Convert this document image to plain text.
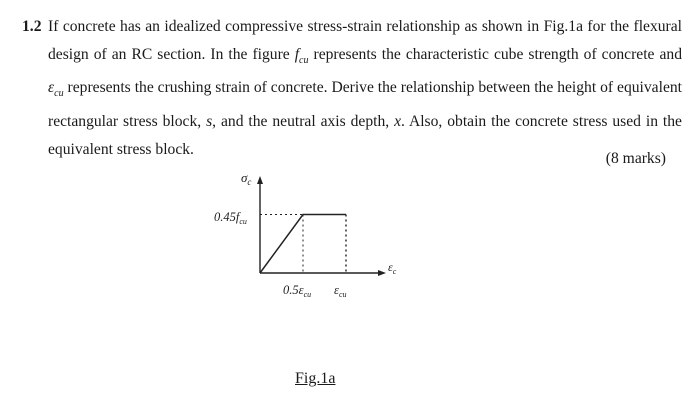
1.2 If concrete has an idealized compressive stress-strain relationship as shown in Fig.1a for the flexural design of an RC section. In the figure $f_{cu}$ represents the characteristic cube strength of concrete and $\varepsilon_{cu}$ represents the crushing strain of concrete. Derive the relationship between the height of equivalent rectangular stress block, s, and the neutral axis depth, x. Also, obtain the concrete stress used in the equivalent stress block.
(8 marks)
$\sigma_c$
$\varepsilon_c$
$0.45f_{cu}$
$0.5\varepsilon_{cu}$ $\varepsilon_{cu}$
Fig.1a
